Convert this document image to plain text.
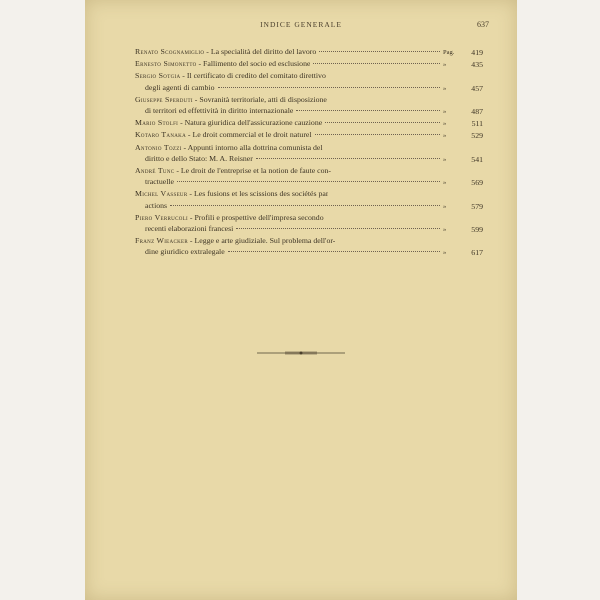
INDICE GENERALE	637
Renato Scognamiglio - La specialità del diritto del lavoro	Pag. 419
Ernesto Simonetto - Fallimento del socio ed esclusione	»	435
Sergio Sotgia - Il certificato di credito del comitato direttivo
degli agenti di cambio	»	457
Giuseppe Sperduti - Sovranità territoriale, atti di disposizione
di territori ed effettività in diritto internazionale	»	487
Mario Stolfi - Natura giuridica dell'assicurazione cauzione	»	511
Kotaro Tanaka - Le droit commercial et le droit naturel	»	529
Antonio Tozzi - Appunti intorno alla dottrina comunista del
diritto e dello Stato: M. A. Reisner	»	541
André Tunc - Le droit de l'entreprise et la notion de faute con-
tractuelle	»	569
Michel Vasseur - Les fusions et les scissions des sociétés par
actions	»	579
Piero Verrucoli - Profili e prospettive dell'impresa secondo
recenti elaborazioni francesi	»	599
Franz Wieacker - Legge e arte giudiziale. Sul problema dell'or-
dine giuridico extralegale	»	617
